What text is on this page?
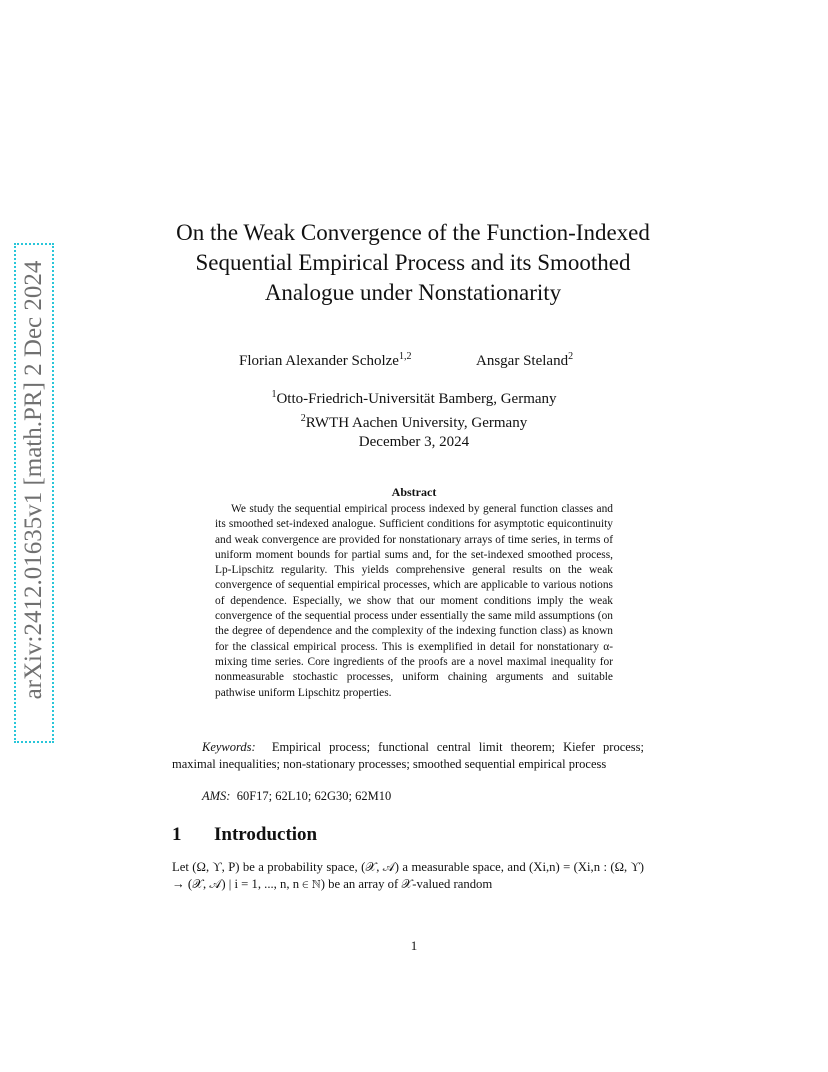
arXiv:2412.01635v1 [math.PR] 2 Dec 2024
On the Weak Convergence of the Function-Indexed Sequential Empirical Process and its Smoothed Analogue under Nonstationarity
Florian Alexander Scholze$^{1,2}$	Ansgar Steland$^2$
$^1$Otto-Friedrich-Universität Bamberg, Germany
$^2$RWTH Aachen University, Germany
December 3, 2024
Abstract

We study the sequential empirical process indexed by general function classes and its smoothed set-indexed analogue. Sufficient conditions for asymptotic equicontinuity and weak convergence are provided for nonstationary arrays of time series, in terms of uniform moment bounds for partial sums and, for the set-indexed smoothed process, Lp-Lipschitz regularity. This yields comprehensive general results on the weak convergence of sequential empirical processes, which are applicable to various notions of dependence. Especially, we show that our moment conditions imply the weak convergence of the sequential process under essentially the same mild assumptions (on the degree of dependence and the complexity of the indexing function class) as known for the classical empirical process. This is exemplified in detail for nonstationary α-mixing time series. Core ingredients of the proofs are a novel maximal inequality for nonmeasurable stochastic processes, uniform chaining arguments and suitable pathwise uniform Lipschitz properties.

Keywords: Empirical process; functional central limit theorem; Kiefer process; maximal inequalities; non-stationary processes; smoothed sequential empirical process
AMS: 60F17; 62L10; 62G30; 62M10
1 Introduction

Let (Ω, ϒ, P) be a probability space, (𝒳, 𝒜) a measurable space, and (Xi,n) = (Xi,n : (Ω, ϒ) → (𝒳, 𝒜) | i = 1, ..., n, n ∈ ℕ) be an array of 𝒳-valued random

1
